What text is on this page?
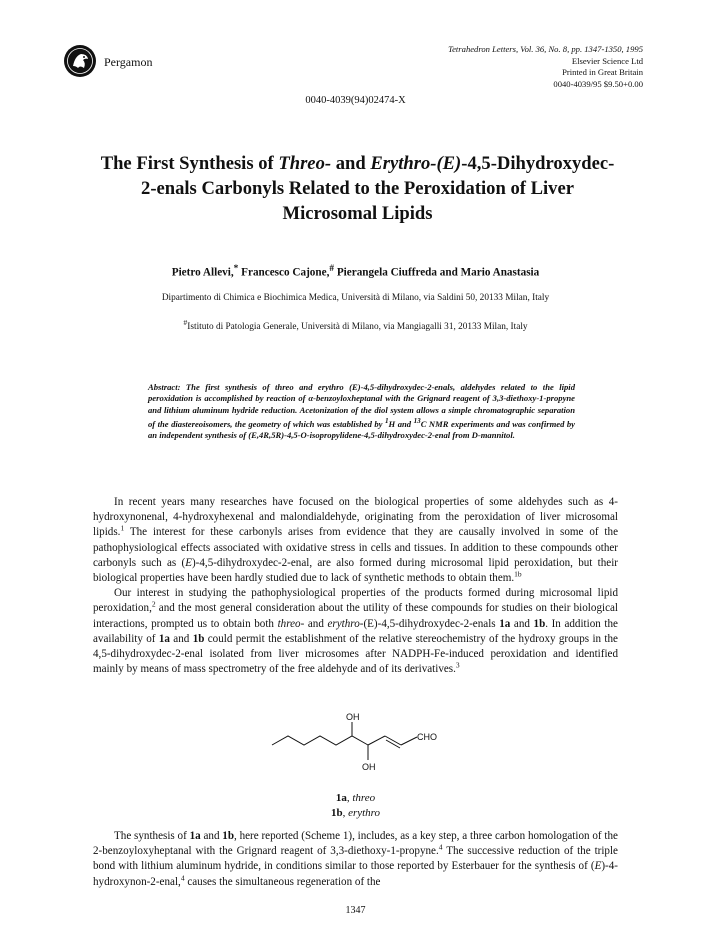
Pergamon
Tetrahedron Letters, Vol. 36, No. 8, pp. 1347-1350, 1995
Elsevier Science Ltd
Printed in Great Britain
0040-4039/95 $9.50+0.00
0040-4039(94)02474-X
The First Synthesis of Threo- and Erythro-(E)-4,5-Dihydroxydec-
2-enals Carbonyls Related to the Peroxidation of Liver
Microsomal Lipids
Pietro Allevi,* Francesco Cajone,# Pierangela Ciuffreda and Mario Anastasia
Dipartimento di Chimica e Biochimica Medica, Università di Milano, via Saldini 50, 20133 Milan, Italy
#Istituto di Patologia Generale, Università di Milano, via Mangiagalli 31, 20133 Milan, Italy
Abstract: The first synthesis of threo and erythro (E)-4,5-dihydroxydec-2-enals, aldehydes related to the lipid peroxidation is accomplished by reaction of α-benzoyloxheptanal with the Grignard reagent of 3,3-diethoxy-1-propyne and lithium aluminum hydride reduction. Acetonization of the diol system allows a simple chromatographic separation of the diastereoisomers, the geometry of which was established by $^1$H and $^{13}$C NMR experiments and was confirmed by an independent synthesis of (E,4R,5R)-4,5-O-isopropylidene-4,5-dihydroxydec-2-enal from D-mannitol.

In recent years many researches have focused on the biological properties of some aldehydes such as 4-hydroxynonenal, 4-hydroxyhexenal and malondialdehyde, originating from the peroxidation of liver microsomal lipids.$^1$ The interest for these carbonyls arises from evidence that they are causally involved in some of the pathophysiological effects associated with oxidative stress in cells and tissues. In addition to these compounds other carbonyls such as (E)-4,5-dihydroxydec-2-enal, are also formed during microsomal lipid peroxidation, but their biological properties have been hardly studied due to lack of synthetic methods to obtain them.$^{1b}$

Our interest in studying the pathophysiological properties of the products formed during microsomal lipid peroxidation,$^2$ and the most general consideration about the utility of these compounds for studies on their biological interactions, prompted us to obtain both threo- and erythro-(E)-4,5-dihydroxydec-2-enals 1a and 1b. In addition the availability of 1a and 1b could permit the establishment of the relative stereochemistry of the hydroxy groups in the 4,5-dihydroxydec-2-enal isolated from liver microsomes after NADPH-Fe-induced peroxidation and identified mainly by means of mass spectrometry of the free aldehyde and of its derivatives.$^3$

OH
OH
CHO
1a, threo
1b, erythro

The synthesis of 1a and 1b, here reported (Scheme 1), includes, as a key step, a three carbon homologation of the 2-benzoyloxyheptanal with the Grignard reagent of 3,3-diethoxy-1-propyne.$^4$ The successive reduction of the triple bond with lithium aluminum hydride, in conditions similar to those reported by Esterbauer for the synthesis of (E)-4-hydroxynon-2-enal,$^4$ causes the simultaneous regeneration of the

1347
